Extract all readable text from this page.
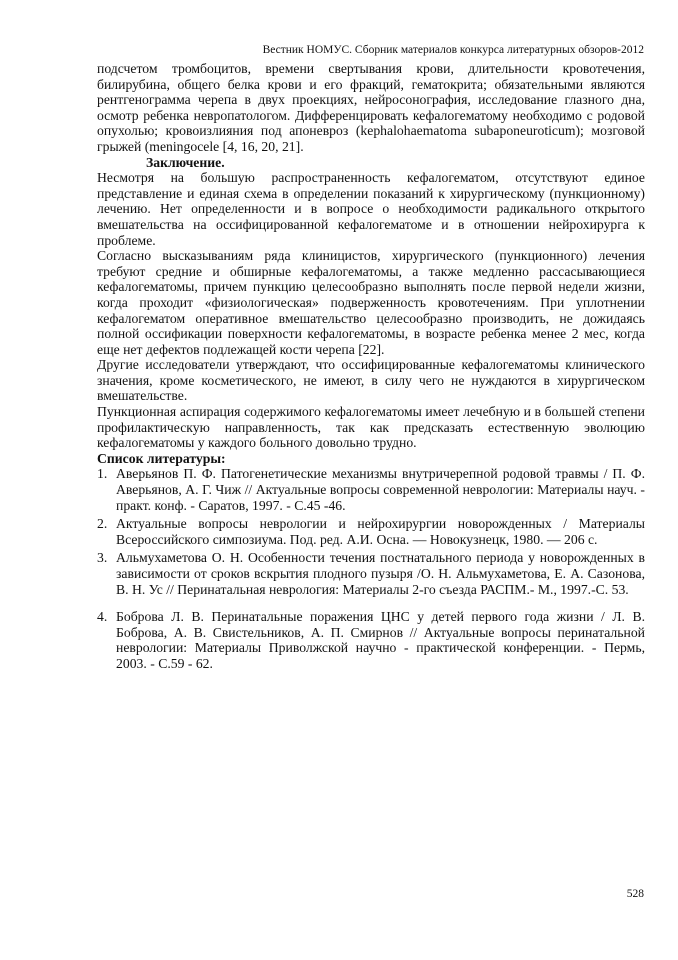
Вестник НОМУС. Сборник материалов конкурса литературных обзоров-2012

подсчетом тромбоцитов, времени свертывания крови, длительности кровотечения, билирубина, общего белка крови и его фракций, гематокрита; обязательными являются рентгенограмма черепа в двух проекциях, нейросонография, исследование глазного дна, осмотр ребенка невропатологом. Дифференцировать кефалогематому необходимо с родовой опухолью; кровоизлияния под апоневроз (kephalohaematoma subaponeuroticum); мозговой грыжей (meningocele [4, 16, 20, 21].

Заключение.

Несмотря на большую распространенность кефалогематом, отсутствуют единое представление и единая схема в определении показаний к хирургическому (пункционному) лечению. Нет определенности и в вопросе о необходимости радикального открытого вмешательства на оссифицированной кефалогематоме и в отношении нейрохирурга к проблеме.

Согласно высказываниям ряда клиницистов, хирургического (пункционного) лечения требуют средние и обширные кефалогематомы, а также медленно рассасывающиеся кефалогематомы, причем пункцию целесообразно выполнять после первой недели жизни, когда проходит «физиологическая» подверженность кровотечениям. При уплотнении кефалогематом оперативное вмешательство целесообразно производить, не дожидаясь полной оссификации поверхности кефалогематомы, в возрасте ребенка менее 2 мес, когда еще нет дефектов подлежащей кости черепа [22].

Другие исследователи утверждают, что оссифицированные кефалогематомы клинического значения, кроме косметического, не имеют, в силу чего не нуждаются в хирургическом вмешательстве.

Пункционная аспирация содержимого кефалогематомы имеет лечебную и в большей степени профилактическую направленность, так как предсказать естественную эволюцию кефалогематомы у каждого больного довольно трудно.

Список литературы:

1. Аверьянов П. Ф. Патогенетические механизмы внутричерепной родовой травмы / П. Ф. Аверьянов, А. Г. Чиж // Актуальные вопросы современной неврологии: Материалы науч. - практ. конф. - Саратов, 1997. - С.45 -46.
2. Актуальные вопросы неврологии и нейрохирургии новорожденных / Материалы Всероссийского симпозиума. Под. ред. А.И. Осна. — Новокузнецк, 1980. — 206 с.
3. Альмухаметова О. Н. Особенности течения постнатального периода у новорожденных в зависимости от сроков вскрытия плодного пузыря /О. Н. Альмухаметова, Е. А. Сазонова, В. Н. Ус // Перинатальная неврология: Материалы 2-го съезда РАСПМ.- М., 1997.-С. 53.
4. Боброва Л. В. Перинатальные поражения ЦНС у детей первого года жизни / Л. В. Боброва, А. В. Свистельников, А. П. Смирнов // Актуальные вопросы перинатальной неврологии: Материалы Приволжской научно - практической конференции. - Пермь, 2003. - С.59 - 62.
528
